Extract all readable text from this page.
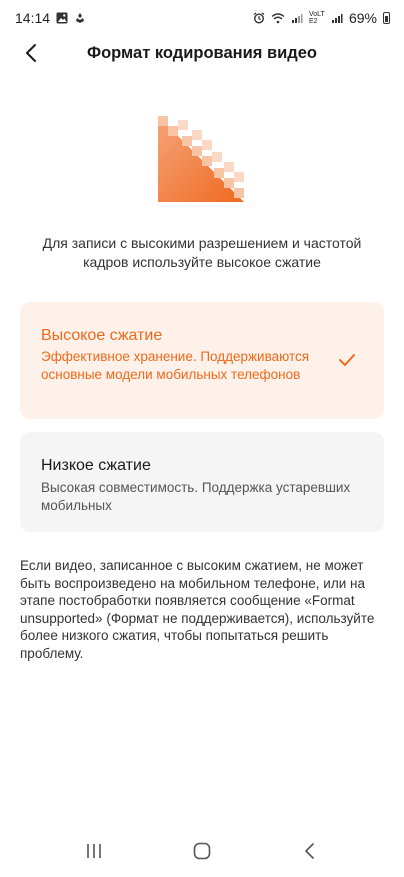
14:14	VoLTE2	69%
Формат кодирования видео

Для записи с высокими разрешением и частотой кадров используйте высокое сжатие

Высокое сжатие
Эффективное хранение. Поддерживаются основные модели мобильных телефонов
Низкое сжатие
Высокая совместимость. Поддержка устаревших мобильных

Если видео, записанное с высоким сжатием, не может быть воспроизведено на мобильном телефоне, или на этапе постобработки появляется сообщение «Format unsupported» (Формат не поддерживается), используйте более низкого сжатия, чтобы попытаться решить проблему.
